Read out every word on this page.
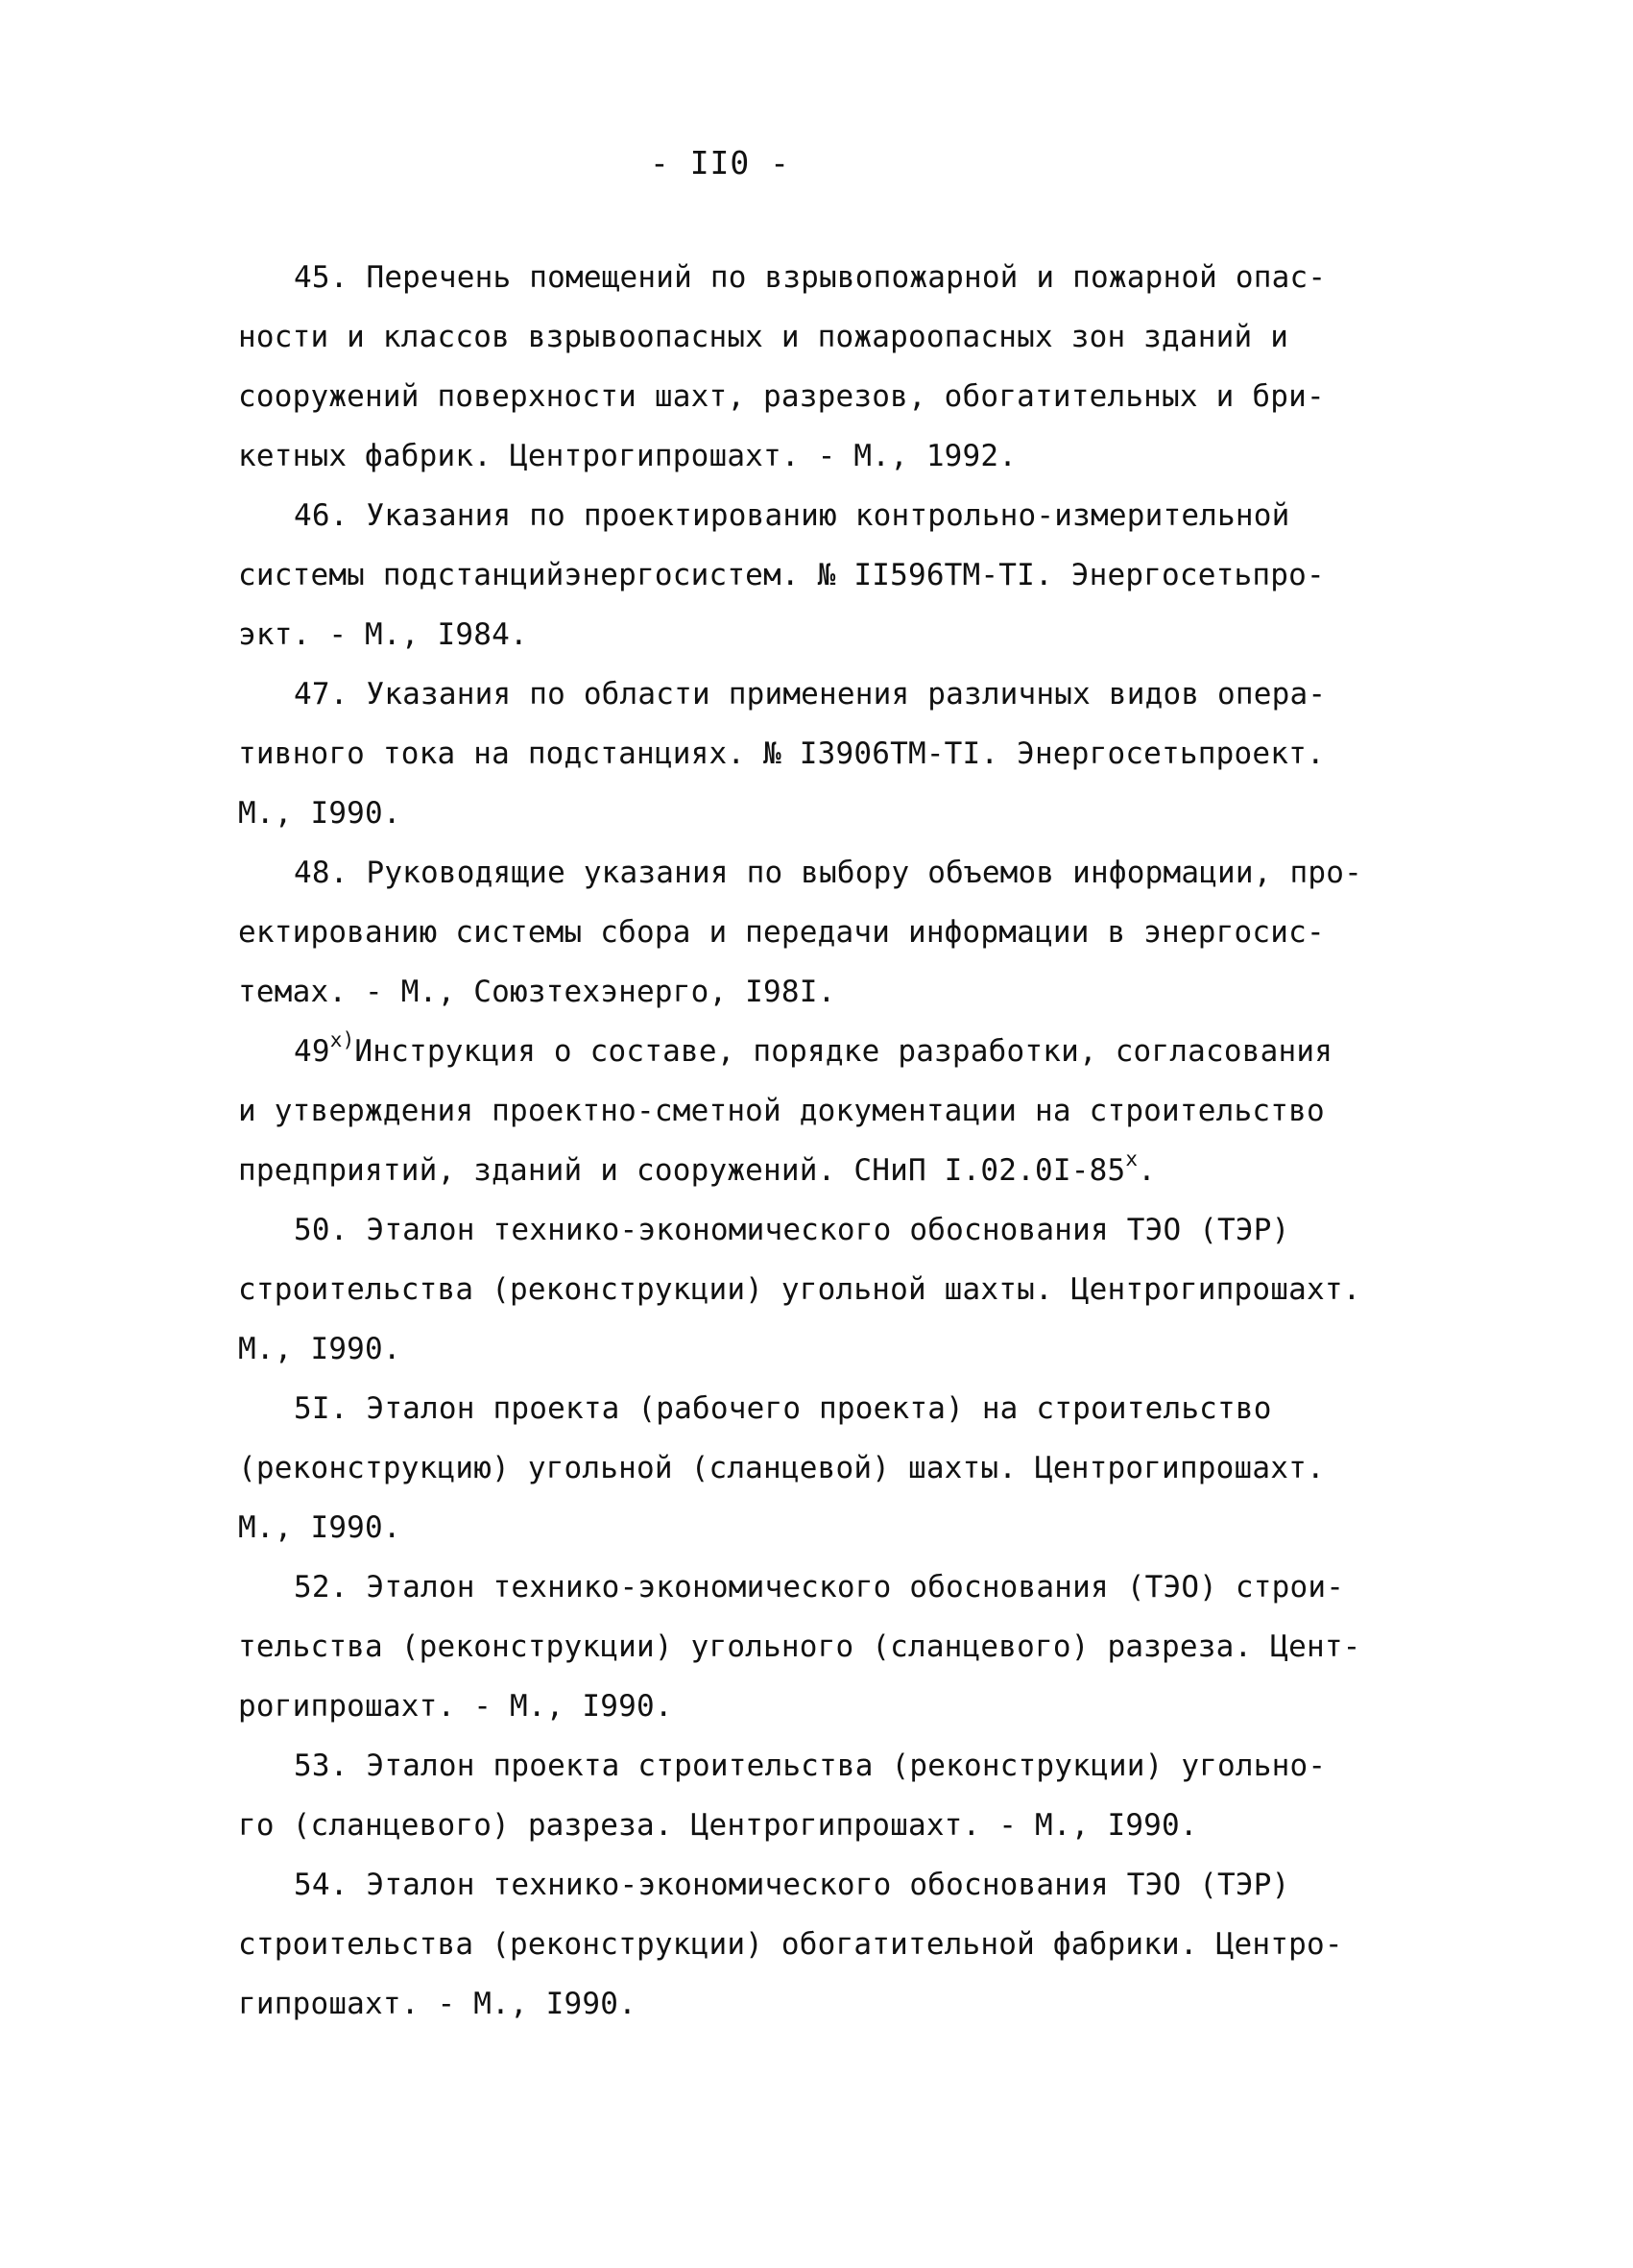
- II0 -
45. Перечень помещений по взрывопожарной и пожарной опас-
ности и классов взрывоопасных и пожароопасных зон зданий и
сооружений поверхности шахт, разрезов, обогатительных и бри-
кетных фабрик. Центрогипрошахт. - М., 1992.
46. Указания по проектированию контрольно-измерительной
системы подстанцийэнергосистем. № II596ТМ-ТI. Энергосетьпро-
экт. - М., I984.
47. Указания по области применения различных видов опера-
тивного тока на подстанциях. № I3906ТМ-ТI. Энергосетьпроект.
М., I990.
48. Руководящие указания по выбору объемов информации, про-
ектированию системы сбора и передачи информации в энергосис-
темах. - М., Союзтехэнерго, I98I.
$49^{х)}Инструкция$ о составе, порядке разработки, согласования
и утверждения проектно-сметной документации на строительство
предприятий, зданий и сооружений. СНиП $I.02.0I-85^х$.
50. Эталон технико-экономического обоснования ТЭО (ТЭР)
строительства (реконструкции) угольной шахты. Центрогипрошахт.
М., I990.
5I. Эталон проекта (рабочего проекта) на строительство
(реконструкцию) угольной (сланцевой) шахты. Центрогипрошахт.
М., I990.
52. Эталон технико-экономического обоснования (ТЭО) строи-
тельства (реконструкции) угольного (сланцевого) разреза. Цент-
рогипрошахт. - М., I990.
53. Эталон проекта строительства (реконструкции) угольно-
го (сланцевого) разреза. Центрогипрошахт. - М., I990.
54. Эталон технико-экономического обоснования ТЭО (ТЭР)
строительства (реконструкции) обогатительной фабрики. Центро-
гипрошахт. - М., I990.
